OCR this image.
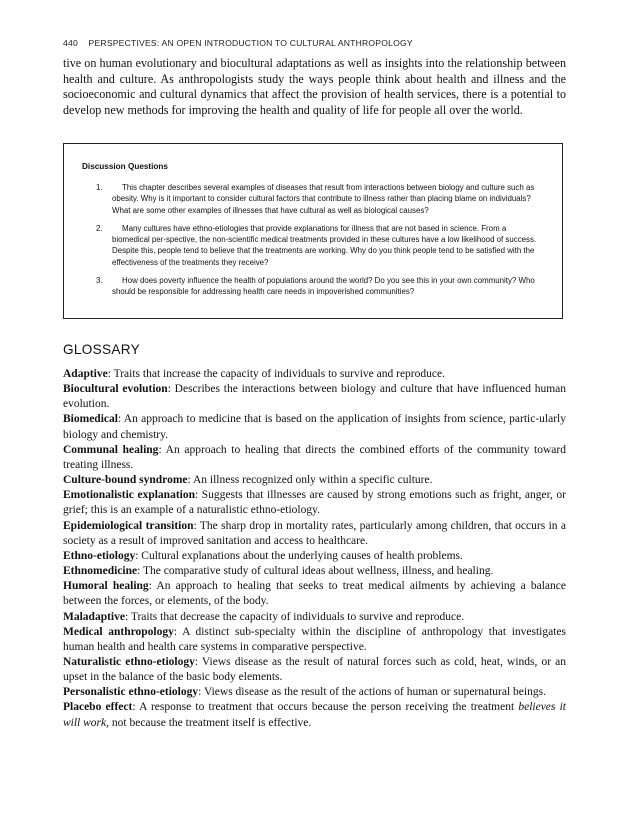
440 PERSPECTIVES: AN OPEN INTRODUCTION TO CULTURAL ANTHROPOLOGY

tive on human evolutionary and biocultural adaptations as well as insights into the relationship between health and culture. As anthropologists study the ways people think about health and illness and the socioeconomic and cultural dynamics that affect the provision of health services, there is a potential to develop new methods for improving the health and quality of life for people all over the world.

Discussion Questions
1.	This chapter describes several examples of diseases that result from interactions between biology and culture such as obesity. Why is it important to consider cultural factors that contribute to illness rather than placing blame on individuals? What are some other examples of illnesses that have cultural as well as biological causes?
2.	Many cultures have ethno-etiologies that provide explanations for illness that are not based in science. From a biomedical per-spective, the non-scientific medical treatments provided in these cultures have a low likelihood of success. Despite this, people tend to believe that the treatments are working. Why do you think people tend to be satisfied with the effectiveness of the treatments they receive?
3.	How does poverty influence the health of populations around the world? Do you see this in your own community? Who should be responsible for addressing health care needs in impoverished communities?
GLOSSARY
Adaptive: Traits that increase the capacity of individuals to survive and reproduce.
Biocultural evolution: Describes the interactions between biology and culture that have influenced human evolution.
Biomedical: An approach to medicine that is based on the application of insights from science, partic-ularly biology and chemistry.
Communal healing: An approach to healing that directs the combined efforts of the community toward treating illness.
Culture-bound syndrome: An illness recognized only within a specific culture.
Emotionalistic explanation: Suggests that illnesses are caused by strong emotions such as fright, anger, or grief; this is an example of a naturalistic ethno-etiology.
Epidemiological transition: The sharp drop in mortality rates, particularly among children, that occurs in a society as a result of improved sanitation and access to healthcare.
Ethno-etiology: Cultural explanations about the underlying causes of health problems.
Ethnomedicine: The comparative study of cultural ideas about wellness, illness, and healing.
Humoral healing: An approach to healing that seeks to treat medical ailments by achieving a balance between the forces, or elements, of the body.
Maladaptive: Traits that decrease the capacity of individuals to survive and reproduce.
Medical anthropology: A distinct sub-specialty within the discipline of anthropology that investigates human health and health care systems in comparative perspective.
Naturalistic ethno-etiology: Views disease as the result of natural forces such as cold, heat, winds, or an upset in the balance of the basic body elements.
Personalistic ethno-etiology: Views disease as the result of the actions of human or supernatural beings.
Placebo effect: A response to treatment that occurs because the person receiving the treatment believes it will work, not because the treatment itself is effective.
